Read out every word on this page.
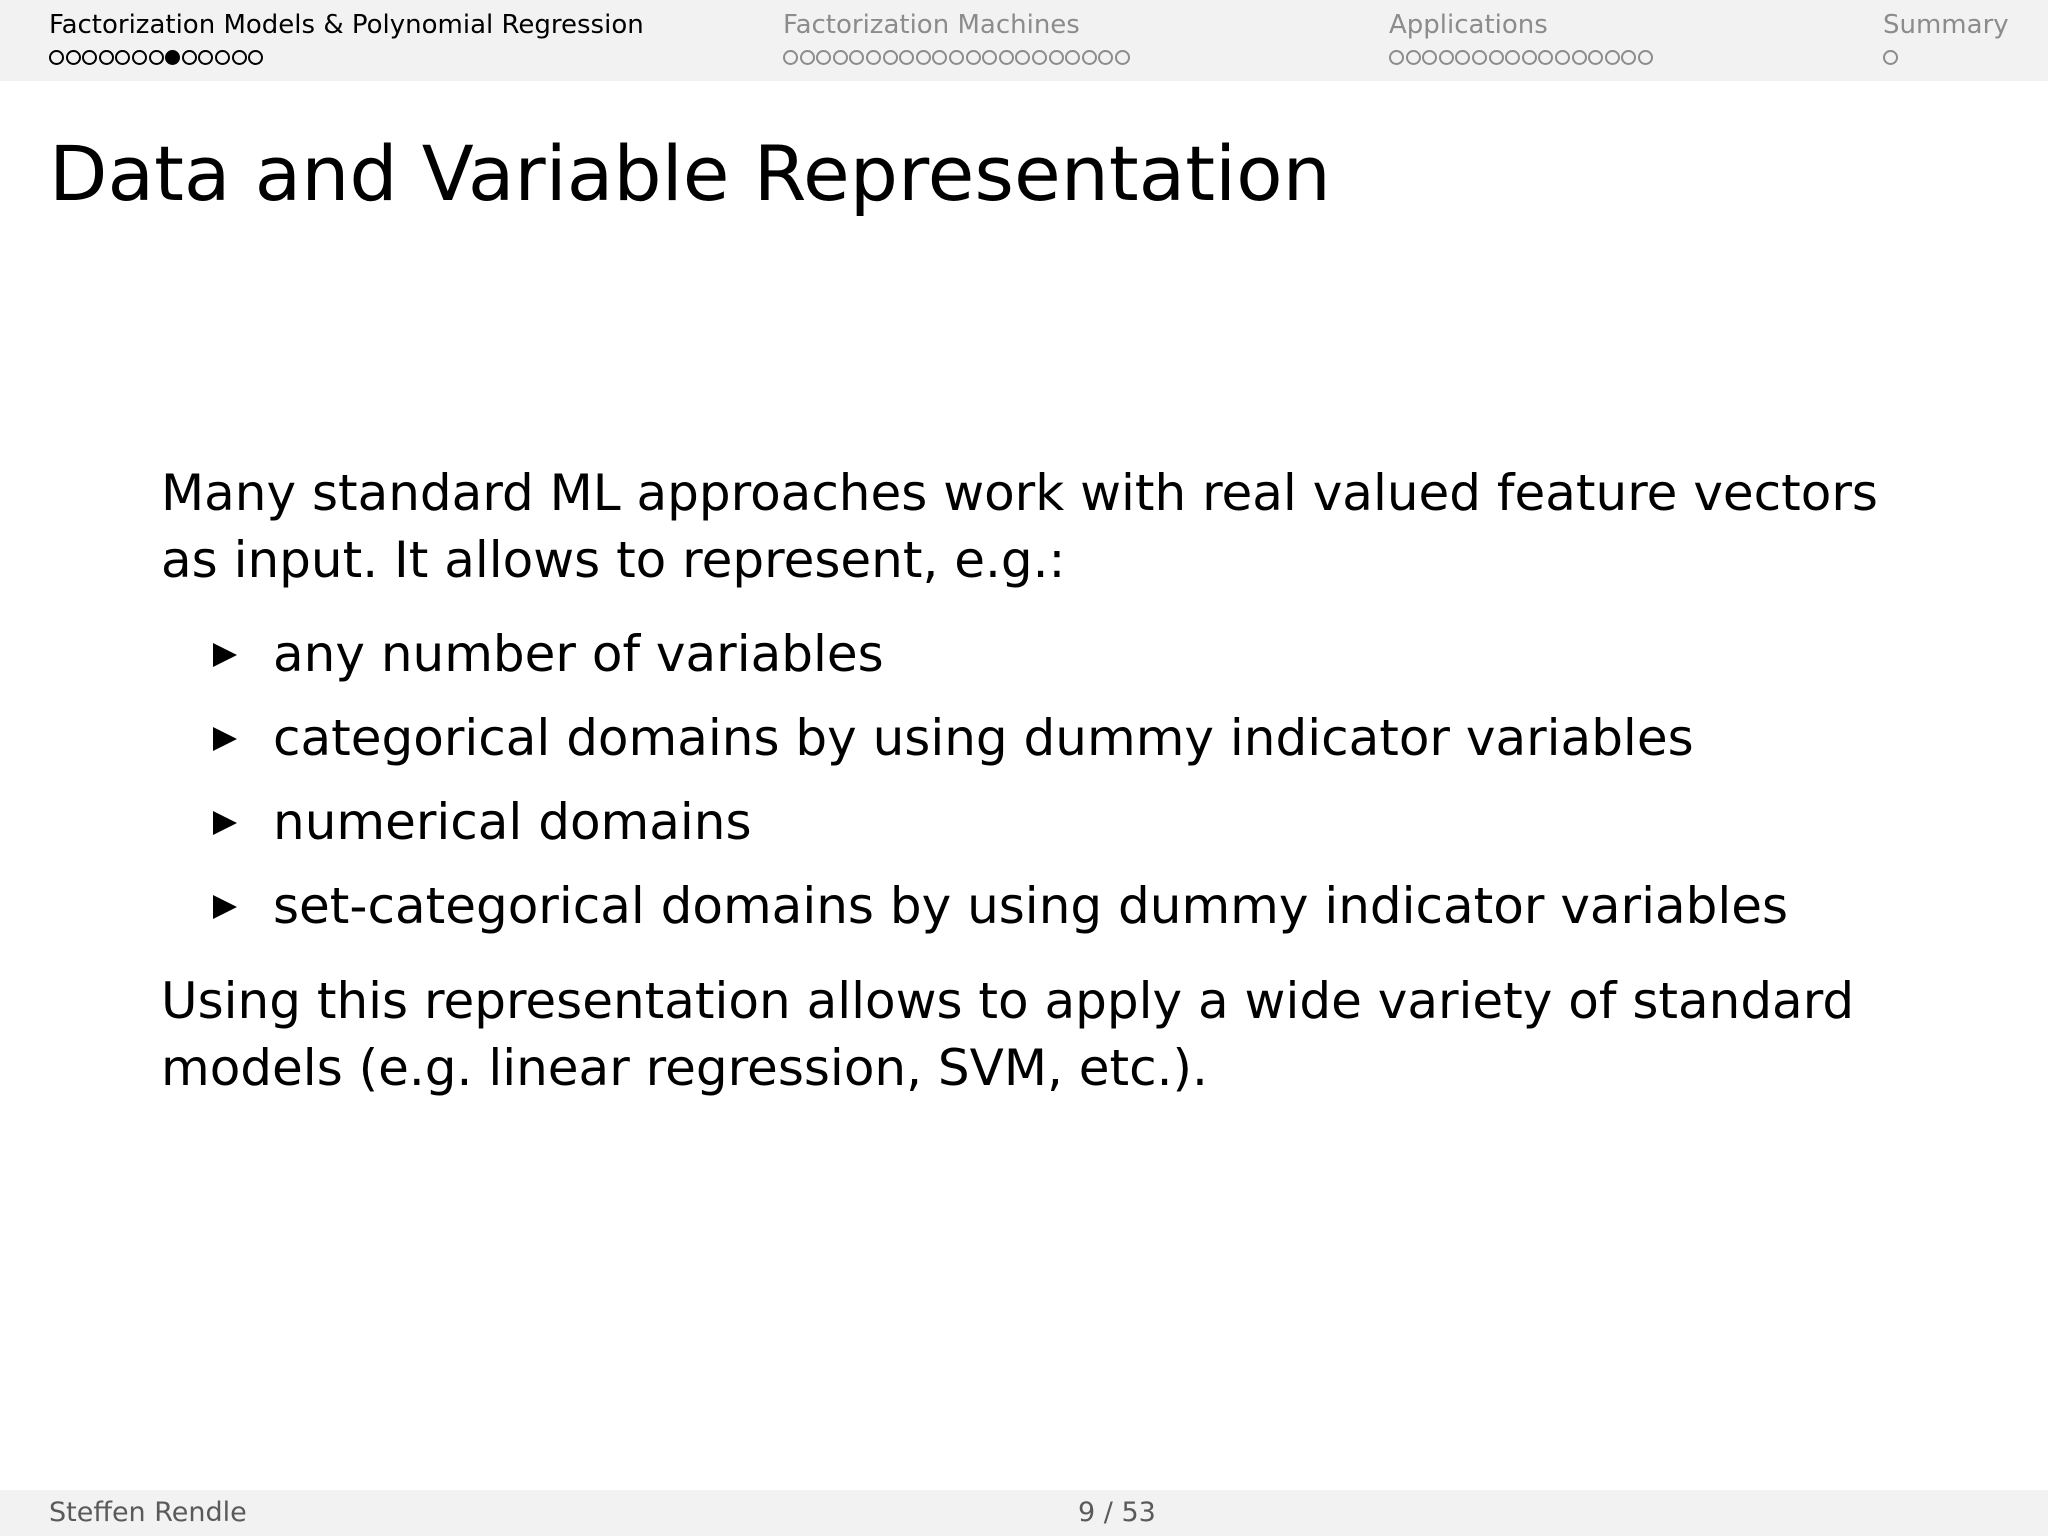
Factorization Models & Polynomial Regression	Factorization Machines	Applications	Summary
Data and Variable Representation

Many standard ML approaches work with real valued feature vectors as input. It allows to represent, e.g.:

any number of variables
categorical domains by using dummy indicator variables
numerical domains
set-categorical domains by using dummy indicator variables

Using this representation allows to apply a wide variety of standard models (e.g. linear regression, SVM, etc.).

Steffen Rendle	9 / 53
